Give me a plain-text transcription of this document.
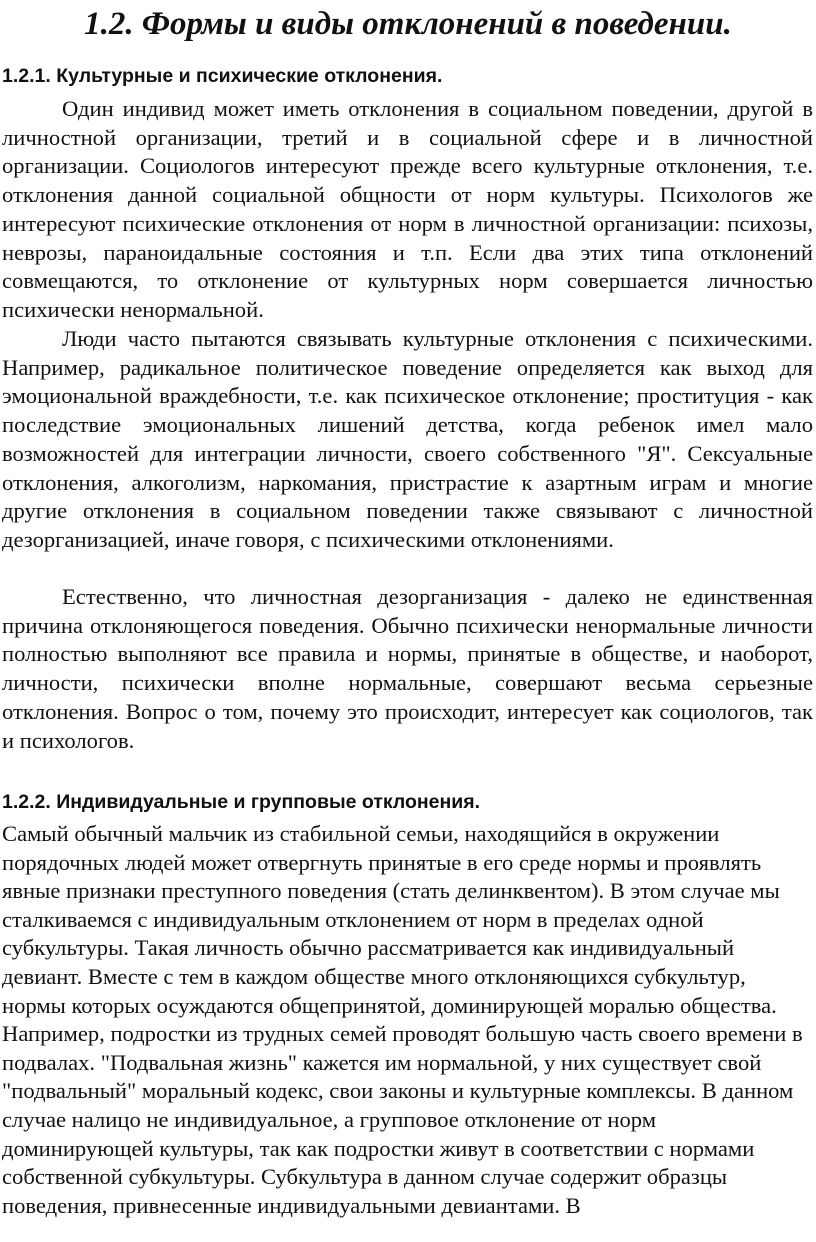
1.2. Формы и виды отклонений в поведении.
1.2.1. Культурные и психические отклонения.

Один индивид может иметь отклонения в социальном поведении, другой в личностной организации, третий и в социальной сфере и в личностной организации. Социологов интересуют прежде всего культурные отклонения, т.е. отклонения данной социальной общности от норм культуры. Психологов же интересуют психические отклонения от норм в личностной организации: психозы, неврозы, параноидальные состояния и т.п. Если два этих типа отклонений совмещаются, то отклонение от культурных норм совершается личностью психически ненормальной.

Люди часто пытаются связывать культурные отклонения с психическими. Например, радикальное политическое поведение определяется как выход для эмоциональной враждебности, т.е. как психическое отклонение; проституция - как последствие эмоциональных лишений детства, когда ребенок имел мало возможностей для интеграции личности, своего собственного "Я". Сексуальные отклонения, алкоголизм, наркомания, пристрастие к азартным играм и многие другие отклонения в социальном поведении также связывают с личностной дезорганизацией, иначе говоря, с психическими отклонениями.

Естественно, что личностная дезорганизация - далеко не единственная причина отклоняющегося поведения. Обычно психически ненормальные личности полностью выполняют все правила и нормы, принятые в обществе, и наоборот, личности, психически вполне нормальные, совершают весьма серьезные отклонения. Вопрос о том, почему это происходит, интересует как социологов, так и психологов.

1.2.2. Индивидуальные и групповые отклонения.

Самый обычный мальчик из стабильной семьи, находящийся в окружении порядочных людей может отвергнуть принятые в его среде нормы и проявлять явные признаки преступного поведения (стать делинквентом). В этом случае мы сталкиваемся с индивидуальным отклонением от норм в пределах одной субкультуры. Такая личность обычно рассматривается как индивидуальный девиант. Вместе с тем в каждом обществе много отклоняющихся субкультур, нормы которых осуждаются общепринятой, доминирующей моралью общества. Например, подростки из трудных семей проводят большую часть своего времени в подвалах. "Подвальная жизнь" кажется им нормальной, у них существует свой "подвальный" моральный кодекс, свои законы и культурные комплексы. В данном случае налицо не индивидуальное, а групповое отклонение от норм доминирующей культуры, так как подростки живут в соответствии с нормами собственной субкультуры. Субкультура в данном случае содержит образцы поведения, привнесенные индивидуальными девиантами. В
